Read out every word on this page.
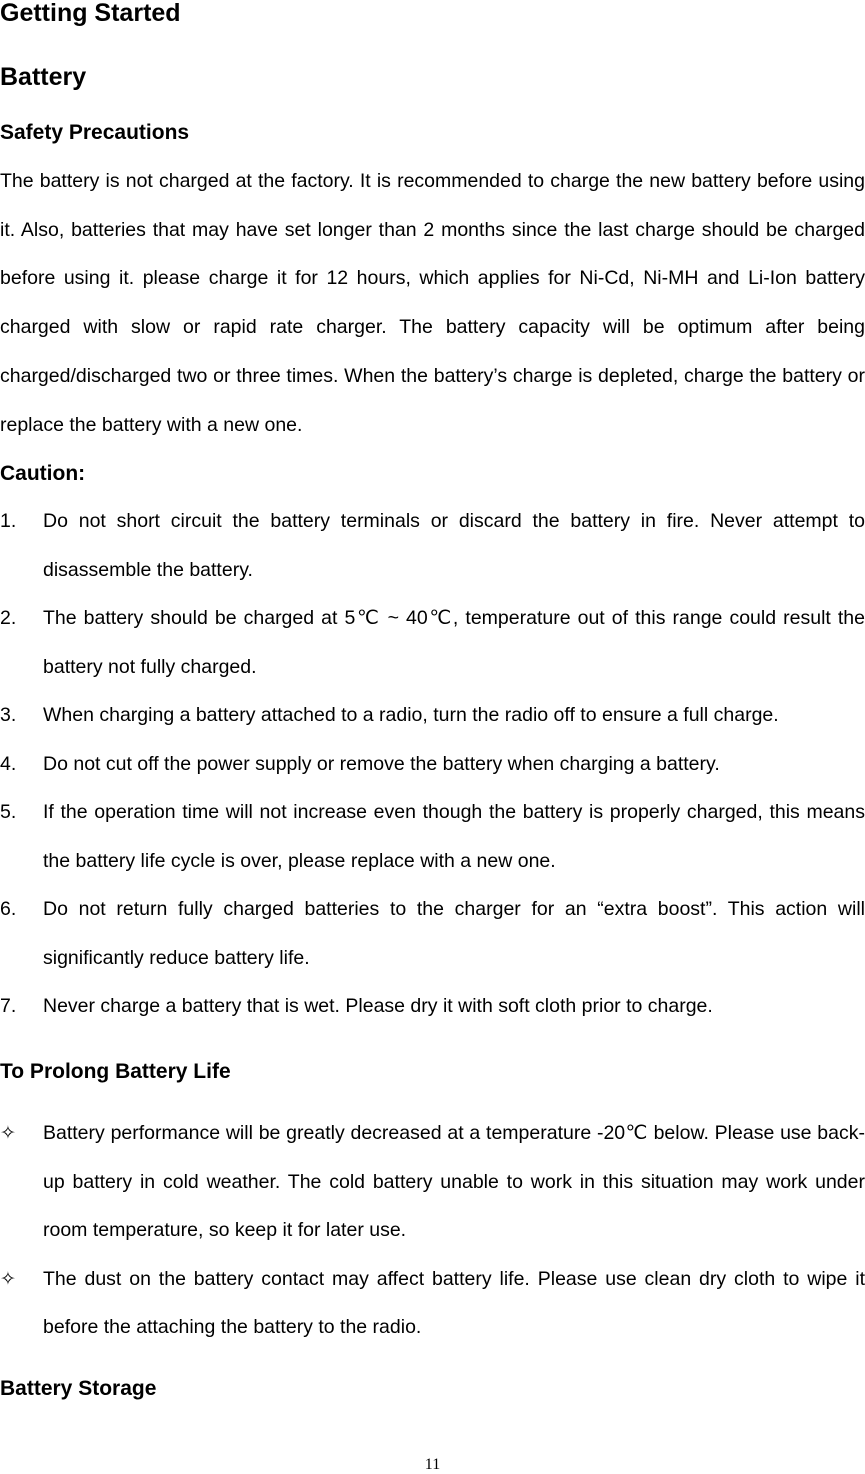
Getting Started
Battery
Safety Precautions

The battery is not charged at the factory. It is recommended to charge the new battery before using it. Also, batteries that may have set longer than 2 months since the last charge should be charged before using it. please charge it for 12 hours, which applies for Ni-Cd, Ni-MH and Li-Ion battery charged with slow or rapid rate charger. The battery capacity will be optimum after being charged/discharged two or three times. When the battery’s charge is depleted, charge the battery or replace the battery with a new one.

Caution:
1. Do not short circuit the battery terminals or discard the battery in fire. Never attempt to disassemble the battery.
2. The battery should be charged at 5℃ ~ 40℃, temperature out of this range could result the battery not fully charged.
3. When charging a battery attached to a radio, turn the radio off to ensure a full charge.
4. Do not cut off the power supply or remove the battery when charging a battery.
5. If the operation time will not increase even though the battery is properly charged, this means the battery life cycle is over, please replace with a new one.
6. Do not return fully charged batteries to the charger for an “extra boost”. This action will significantly reduce battery life.
7. Never charge a battery that is wet. Please dry it with soft cloth prior to charge.
To Prolong Battery Life
✧ Battery performance will be greatly decreased at a temperature -20℃ below. Please use back-up battery in cold weather. The cold battery unable to work in this situation may work under room temperature, so keep it for later use.
✧ The dust on the battery contact may affect battery life. Please use clean dry cloth to wipe it before the attaching the battery to the radio.
Battery Storage
11
